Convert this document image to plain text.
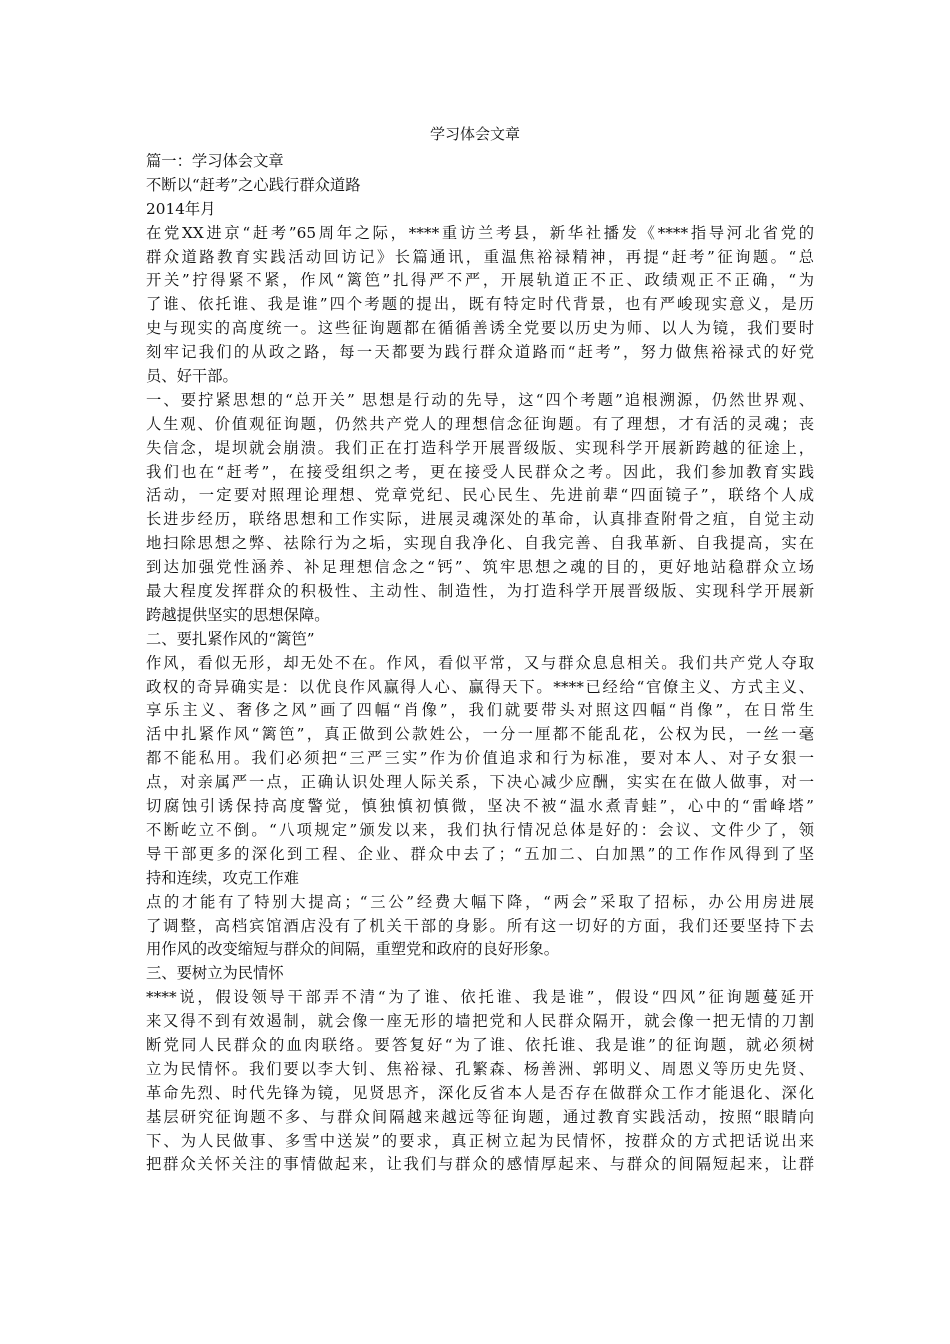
学习体会文章
篇一：学习体会文章
不断以“赶考”之心践行群众道路
2014年月
在党XX进京“赶考”65周年之际，****重访兰考县，新华社播发《****指导河北省党的
群众道路教育实践活动回访记》长篇通讯，重温焦裕禄精神，再提“赶考”征询题。“总
开关”拧得紧不紧，作风“篱笆”扎得严不严，开展轨道正不正、政绩观正不正确，“为
了谁、依托谁、我是谁”四个考题的提出，既有特定时代背景，也有严峻现实意义，是历
史与现实的高度统一。这些征询题都在循循善诱全党要以历史为师、以人为镜，我们要时
刻牢记我们的从政之路，每一天都要为践行群众道路而“赶考”，努力做焦裕禄式的好党
员、好干部。
一、要拧紧思想的“总开关” 思想是行动的先导，这“四个考题”追根溯源，仍然世界观、
人生观、价值观征询题，仍然共产党人的理想信念征询题。有了理想，才有活的灵魂；丧
失信念，堤坝就会崩溃。我们正在打造科学开展晋级版、实现科学开展新跨越的征途上，
我们也在“赶考”，在接受组织之考，更在接受人民群众之考。因此，我们参加教育实践
活动，一定要对照理论理想、党章党纪、民心民生、先进前辈“四面镜子”，联络个人成
长进步经历，联络思想和工作实际，进展灵魂深处的革命，认真排查附骨之疽，自觉主动
地扫除思想之弊、祛除行为之垢，实现自我净化、自我完善、自我革新、自我提高，实在
到达加强党性涵养、补足理想信念之“钙”、筑牢思想之魂的目的，更好地站稳群众立场
最大程度发挥群众的积极性、主动性、制造性，为打造科学开展晋级版、实现科学开展新
跨越提供坚实的思想保障。
二、要扎紧作风的“篱笆”
作风，看似无形，却无处不在。作风，看似平常，又与群众息息相关。我们共产党人夺取
政权的奇异确实是：以优良作风赢得人心、赢得天下。****已经给“官僚主义、方式主义、
享乐主义、奢侈之风”画了四幅“肖像”，我们就要带头对照这四幅“肖像”，在日常生
活中扎紧作风“篱笆”，真正做到公款姓公，一分一厘都不能乱花，公权为民，一丝一毫
都不能私用。我们必须把“三严三实”作为价值追求和行为标准，要对本人、对子女狠一
点，对亲属严一点，正确认识处理人际关系，下决心减少应酬，实实在在做人做事，对一
切腐蚀引诱保持高度警觉，慎独慎初慎微，坚决不被“温水煮青蛙”，心中的“雷峰塔”
不断屹立不倒。“八项规定”颁发以来，我们执行情况总体是好的：会议、文件少了，领
导干部更多的深化到工程、企业、群众中去了；“五加二、白加黑”的工作作风得到了坚
持和连续，攻克工作难
点的才能有了特别大提高；“三公”经费大幅下降，“两会”采取了招标，办公用房进展
了调整，高档宾馆酒店没有了机关干部的身影。所有这一切好的方面，我们还要坚持下去
用作风的改变缩短与群众的间隔，重塑党和政府的良好形象。
三、要树立为民情怀
****说，假设领导干部弄不清“为了谁、依托谁、我是谁”，假设“四风”征询题蔓延开
来又得不到有效遏制，就会像一座无形的墙把党和人民群众隔开，就会像一把无情的刀割
断党同人民群众的血肉联络。要答复好“为了谁、依托谁、我是谁”的征询题，就必须树
立为民情怀。我们要以李大钊、焦裕禄、孔繁森、杨善洲、郭明义、周恩义等历史先贤、
革命先烈、时代先锋为镜，见贤思齐，深化反省本人是否存在做群众工作才能退化、深化
基层研究征询题不多、与群众间隔越来越远等征询题，通过教育实践活动，按照“眼睛向
下、为人民做事、多雪中送炭”的要求，真正树立起为民情怀，按群众的方式把话说出来
把群众关怀关注的事情做起来，让我们与群众的感情厚起来、与群众的间隔短起来，让群
